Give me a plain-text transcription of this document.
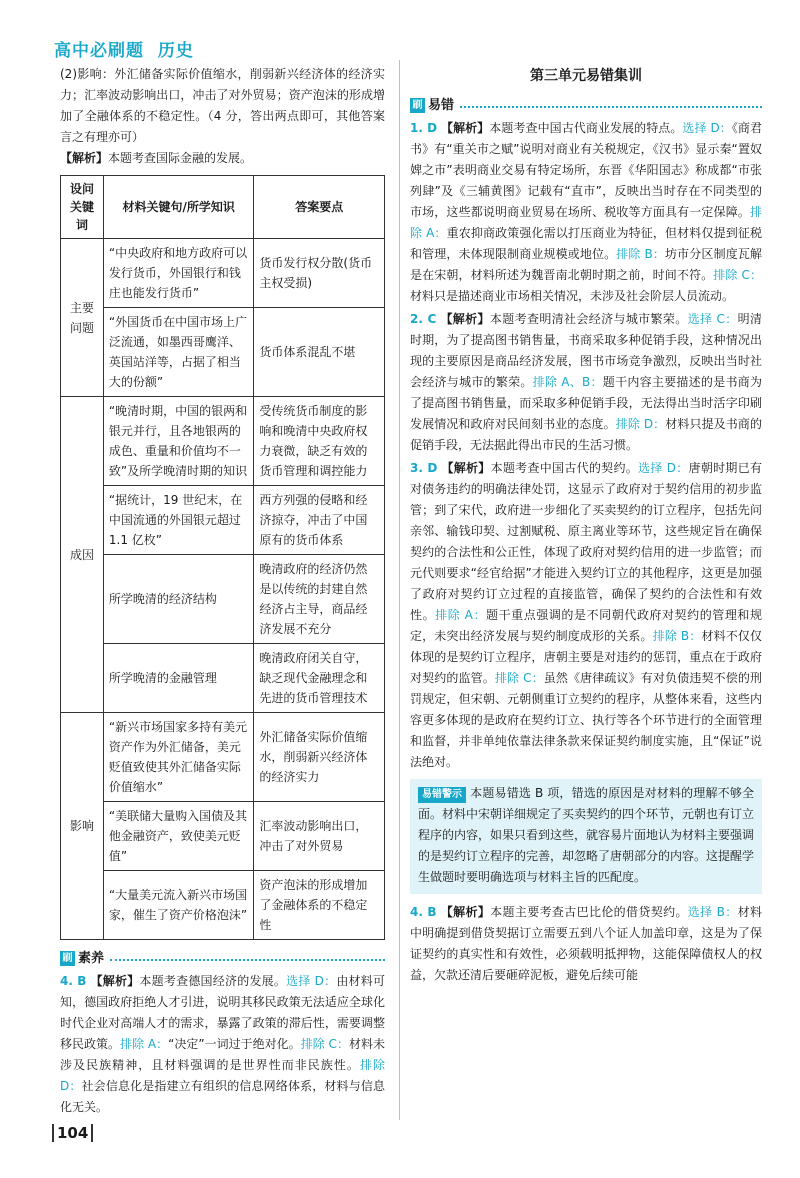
高中必刷题  历史

(2)影响：外汇储备实际价值缩水，削弱新兴经济体的经济实力；汇率波动影响出口，冲击了对外贸易；资产泡沫的形成增加了全融体系的不稳定性。（4 分，答出两点即可，其他答案言之有理亦可）

【解析】本题考查国际金融的发展。

设问关键词	材料关键句/所学知识	答案要点
主要问题	“中央政府和地方政府可以发行货币，外国银行和钱庄也能发行货币”	货币发行权分散(货币主权受损)
	“外国货币在中国市场上广泛流通，如墨西哥鹰洋、英国站洋等，占据了相当大的份额”	货币体系混乱不堪
成因	“晚清时期，中国的银两和银元并行，且各地银两的成色、重量和价值均不一致”及所学晚清时期的知识	受传统货币制度的影响和晚清中央政府权力衰微，缺乏有效的货币管理和调控能力
	“据统计，19 世纪末，在中国流通的外国银元超过 1.1 亿枚”	西方列强的侵略和经济掠夺，冲击了中国原有的货币体系
	所学晚清的经济结构	晚清政府的经济仍然是以传统的封建自然经济占主导，商品经济发展不充分
	所学晚清的金融管理	晚清政府闭关自守，缺乏现代金融理念和先进的货币管理技术
影响	“新兴市场国家多持有美元资产作为外汇储备，美元贬值致使其外汇储备实际价值缩水”	外汇储备实际价值缩水，削弱新兴经济体的经济实力
	“美联储大量购入国债及其他金融资产，致使美元贬值”	汇率波动影响出口，冲击了对外贸易
	“大量美元流入新兴市场国家，催生了资产价格泡沫”	资产泡沫的形成增加了金融体系的不稳定性
刷 素养

4. B 【解析】本题考查德国经济的发展。选择 D：由材料可知，德国政府拒绝人才引进，说明其移民政策无法适应全球化时代企业对高端人才的需求，暴露了政策的滞后性，需要调整移民政策。排除 A：“决定”一词过于绝对化。排除 C：材料未涉及民族精神，且材料强调的是世界性而非民族性。排除 D：社会信息化是指建立有组织的信息网络体系，材料与信息化无关。

第三单元易错集训
刷 易错

1. D 【解析】本题考查中国古代商业发展的特点。选择 D：《商君书》有“重关市之赋”说明对商业有关税规定，《汉书》显示秦“置奴婢之市”表明商业交易有特定场所，东晋《华阳国志》称成都“市张列肆”及《三辅黄图》记载有“直市”，反映出当时存在不同类型的市场，这些都说明商业贸易在场所、税收等方面具有一定保障。排除 A：重农抑商政策强化需以打压商业为特征，但材料仅提到征税和管理，未体现限制商业规模或地位。排除 B：坊市分区制度瓦解是在宋朝，材料所述为魏晋南北朝时期之前，时间不符。排除 C：材料只是描述商业市场相关情况，未涉及社会阶层人员流动。

2. C 【解析】本题考查明清社会经济与城市繁荣。选择 C：明清时期，为了提高图书销售量，书商采取多种促销手段，这种情况出现的主要原因是商品经济发展，图书市场竞争激烈，反映出当时社会经济与城市的繁荣。排除 A、B：题干内容主要描述的是书商为了提高图书销售量，而采取多种促销手段，无法得出当时活字印刷发展情况和政府对民间刻书业的态度。排除 D：材料只提及书商的促销手段，无法据此得出市民的生活习惯。

3. D 【解析】本题考查中国古代的契约。选择 D：唐朝时期已有对债务违约的明确法律处罚，这显示了政府对于契约信用的初步监管；到了宋代，政府进一步细化了买卖契约的订立程序，包括先问亲邻、输钱印契、过割赋税、原主离业等环节，这些规定旨在确保契约的合法性和公正性，体现了政府对契约信用的进一步监管；而元代则要求“经官给据”才能进入契约订立的其他程序，这更是加强了政府对契约订立过程的直接监管，确保了契约的合法性和有效性。排除 A：题干重点强调的是不同朝代政府对契约的管理和规定，未突出经济发展与契约制度成形的关系。排除 B：材料不仅仅体现的是契约订立程序，唐朝主要是对违约的惩罚，重点在于政府对契约的监管。排除 C：虽然《唐律疏议》有对负债违契不偿的刑罚规定，但宋朝、元朝侧重订立契约的程序，从整体来看，这些内容更多体现的是政府在契约订立、执行等各个环节进行的全面管理和监督，并非单纯依靠法律条款来保证契约制度实施，且“保证”说法绝对。

易错警示 本题易错选 B 项，错选的原因是对材料的理解不够全面。材料中宋朝详细规定了买卖契约的四个环节，元朝也有订立程序的内容，如果只看到这些，就容易片面地认为材料主要强调的是契约订立程序的完善，却忽略了唐朝部分的内容。这提醒学生做题时要明确选项与材料主旨的匹配度。

4. B 【解析】本题主要考查古巴比伦的借贷契约。选择 B：材料中明确提到借贷契据订立需要五到八个证人加盖印章，这是为了保证契约的真实性和有效性，必须载明抵押物，这能保障债权人的权益，欠款还清后要砸碎泥板，避免后续可能

104
